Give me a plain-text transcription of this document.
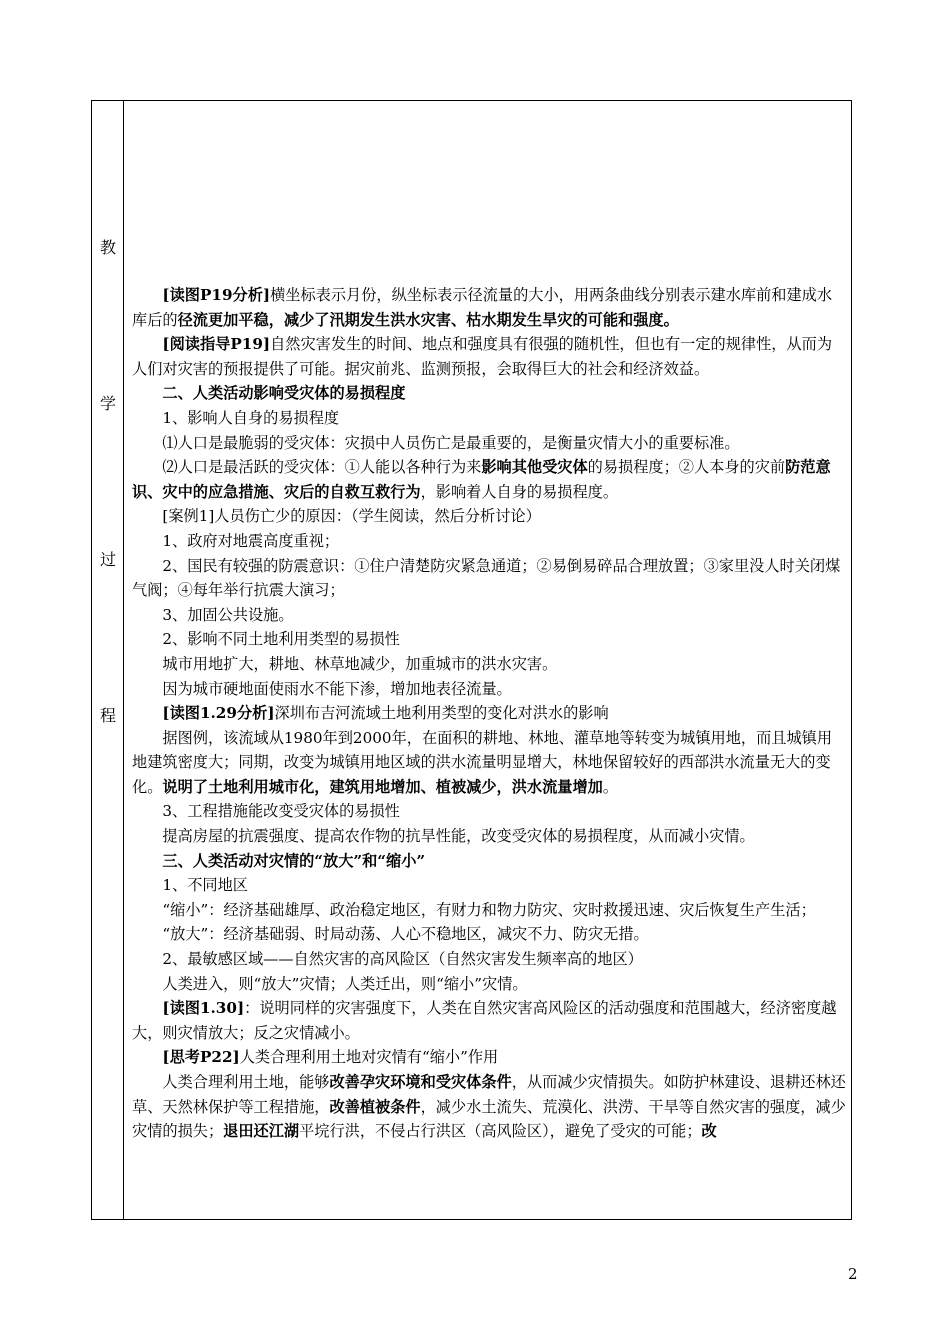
教
学
过
程

[读图P19分析]横坐标表示月份，纵坐标表示径流量的大小，用两条曲线分别表示建水库前和建成水库后的径流更加平稳，减少了汛期发生洪水灾害、枯水期发生旱灾的可能和强度。

[阅读指导P19]自然灾害发生的时间、地点和强度具有很强的随机性，但也有一定的规律性，从而为人们对灾害的预报提供了可能。据灾前兆、监测预报，会取得巨大的社会和经济效益。

二、人类活动影响受灾体的易损程度

1、影响人自身的易损程度

⑴人口是最脆弱的受灾体：灾损中人员伤亡是最重要的，是衡量灾情大小的重要标准。

⑵人口是最活跃的受灾体：①人能以各种行为来影响其他受灾体的易损程度；②人本身的灾前防范意识、灾中的应急措施、灾后的自救互救行为，影响着人自身的易损程度。

[案例1]人员伤亡少的原因：（学生阅读，然后分析讨论）

1、政府对地震高度重视；

2、国民有较强的防震意识：①住户清楚防灾紧急通道；②易倒易碎品合理放置；③家里没人时关闭煤气阀；④每年举行抗震大演习；

3、加固公共设施。

2、影响不同土地利用类型的易损性

城市用地扩大，耕地、林草地减少，加重城市的洪水灾害。

因为城市硬地面使雨水不能下渗，增加地表径流量。

[读图1.29分析]深圳布吉河流域土地利用类型的变化对洪水的影响

据图例，该流域从1980年到2000年，在面积的耕地、林地、灌草地等转变为城镇用地，而且城镇用地建筑密度大；同期，改变为城镇用地区域的洪水流量明显增大，林地保留较好的西部洪水流量无大的变化。说明了土地利用城市化，建筑用地增加、植被减少，洪水流量增加。

3、工程措施能改变受灾体的易损性

提高房屋的抗震强度、提高农作物的抗旱性能，改变受灾体的易损程度，从而减小灾情。

三、人类活动对灾情的“放大”和“缩小”

1、不同地区

“缩小”：经济基础雄厚、政治稳定地区，有财力和物力防灾、灾时救援迅速、灾后恢复生产生活；

“放大”：经济基础弱、时局动荡、人心不稳地区，减灾不力、防灾无措。

2、最敏感区域——自然灾害的高风险区（自然灾害发生频率高的地区）

人类进入，则“放大”灾情；人类迁出，则“缩小”灾情。

[读图1.30]：说明同样的灾害强度下，人类在自然灾害高风险区的活动强度和范围越大，经济密度越大，则灾情放大；反之灾情减小。

[思考P22]人类合理利用土地对灾情有“缩小”作用

人类合理利用土地，能够改善孕灾环境和受灾体条件，从而减少灾情损失。如防护林建设、退耕还林还草、天然林保护等工程措施，改善植被条件，减少水土流失、荒漠化、洪涝、干旱等自然灾害的强度，减少灾情的损失；退田还江湖平垸行洪，不侵占行洪区（高风险区），避免了受灾的可能；改

2
